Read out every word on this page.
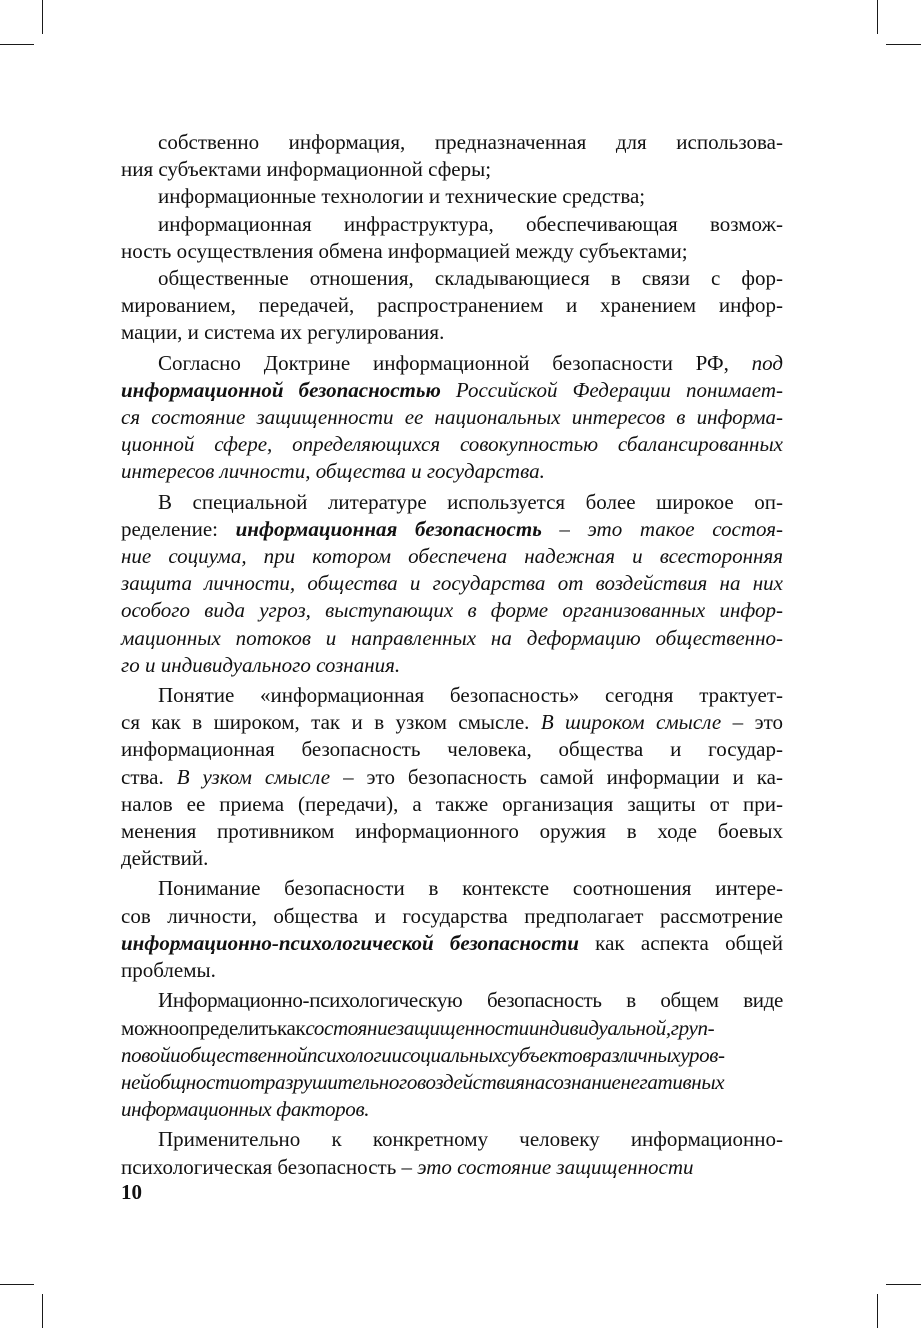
собственно информация, предназначенная для использова-
ния субъектами информационной сферы;

информационные технологии и технические средства;

информационная инфраструктура, обеспечивающая возмож-
ность осуществления обмена информацией между субъектами;

общественные отношения, складывающиеся в связи с фор-
мированием, передачей, распространением и хранением инфор-
мации, и система их регулирования.

Согласно Доктрине информационной безопасности РФ, под
информационной безопасностью Российской Федерации понимает-
ся состояние защищенности ее национальных интересов в информа-
ционной сфере, определяющихся совокупностью сбалансированных
интересов личности, общества и государства.

В специальной литературе используется более широкое оп-
ределение: информационная безопасность – это такое состоя-
ние социума, при котором обеспечена надежная и всесторонняя
защита личности, общества и государства от воздействия на них
особого вида угроз, выступающих в форме организованных инфор-
мационных потоков и направленных на деформацию общественно-
го и индивидуального сознания.

Понятие «информационная безопасность» сегодня трактует-
ся как в широком, так и в узком смысле. В широком смысле – это
информационная безопасность человека, общества и государ-
ства. В узком смысле – это безопасность самой информации и ка-
налов ее приема (передачи), а также организация защиты от при-
менения противником информационного оружия в ходе боевых
действий.

Понимание безопасности в контексте соотношения интере-
сов личности, общества и государства предполагает рассмотрение
информационно-психологической безопасности как аспекта общей
проблемы.

Информационно-психологическую безопасность в общем виде
можноопределитькаксостояниезащищенностииндивидуальной,груп-
повойиобщественнойпсихологиисоциальныхсубъектовразличныхуров-
нейобщностиотразрушительноговоздействиянасознаниенегативных
информационных факторов.

Применительно к конкретному человеку информационно-
психологическая безопасность – это состояние защищенности

10
